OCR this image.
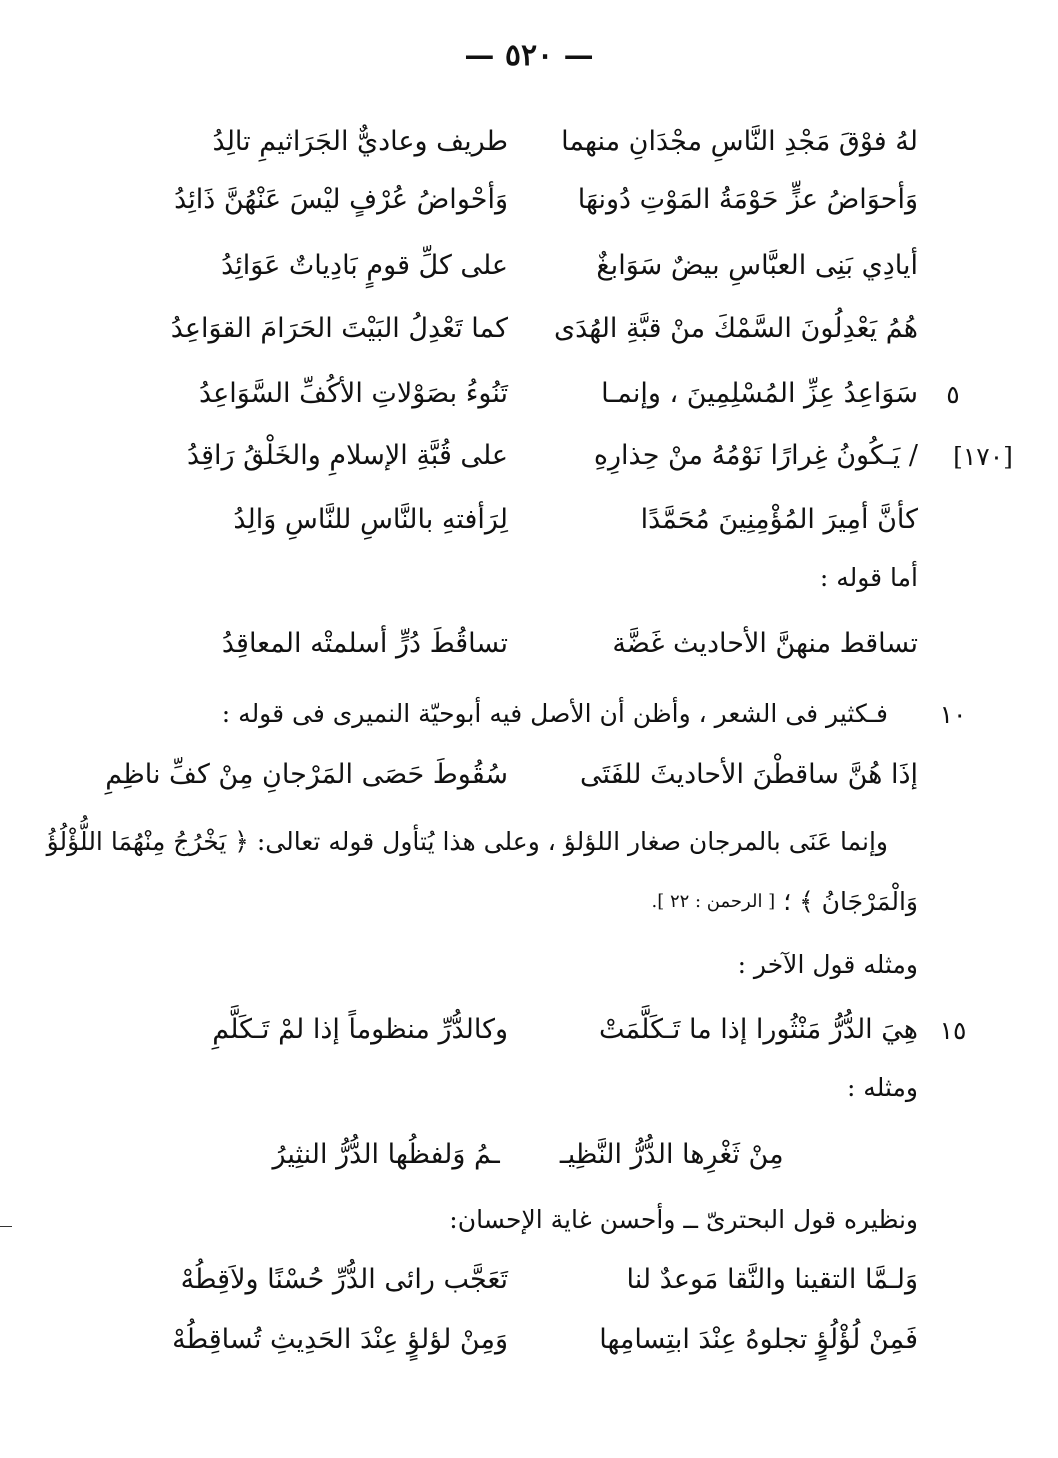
— ٥٢٠ —
لهُ فوْقَ مَجْدِ النَّاسِ مجْدَانِ منهما
طريف وعاديٌّ الجَرَاثيمِ تالِدُ
وَأحوَاضُ عزٍّ حَوْمَةُ المَوْتِ دُونهَا
وَأحْواضُ عُرْفٍ ليْسَ عَنْهُنَّ ذَائِدُ
أيادِي بَنِى العبَّاسِ بيضٌ سَوَابغٌ
على كلِّ قومٍ بَادِياتٌ عَوَائِدُ
هُمُ يَعْدِلُونَ السَّمْكَ منْ قبَّةِ الهُدَى
كما تَعْدِلُ البَيْتَ الحَرَامَ القوَاعِدُ
٥
سَوَاعِدُ عِزِّ المُسْلِمِينَ ، وإنمـا
تَنُوءُ بصَوْلاتِ الأكُفِّ السَّوَاعِدُ
[١٧٠]
/ يَـكُونُ غِرارًا نَوْمُهُ منْ حِذارِهِ
على قُبَّةِ الإسلامِ والخَلْقُ رَاقِدُ
كأنَّ أمِيرَ المُؤْمِنِينَ مُحَمَّدًا
لِرَأفتهِ بالنَّاسِ للنَّاسِ وَالِدُ
أما قوله :
تساقط منهنَّ الأحاديث غَضَّة
تساقُطَ دُرٍّ أسلمتْه المعاقِدُ
١٠
فـكثير فى الشعر ، وأظن أن الأصل فيه أبوحيّة النميرى فى قوله :
إذَا هُنَّ ساقطْنَ الأحاديثَ للفَتَى
سُقُوطَ حَصَى المَرْجانِ مِنْ كفِّ ناظِمِ
وإنما عَنَى بالمرجان صغار اللؤلؤ ، وعلى هذا يُتأول قوله تعالى: ﴿ يَخْرُجُ مِنْهُمَا اللُّؤْلُؤُ
وَالْمَرْجَانُ ﴾ ؛
[ الرحمن : ٢٢ ].
ومثله قول الآخر :
١٥
هِيَ الدُّرُّ مَنْثُورا إذا ما تَـكَلَّمَتْ
وكالدُّرِّ منظوماً إذا لمْ تَـكَلَّمِ
ومثله :
مِنْ ثَغْرِها الدُّرُّ النَّظِيـ
ـمُ وَلفظُها الدُّرُّ النثِيرُ
ونظيره قول البحترىّ ــ وأحسن غاية الإحسان:
وَلـمَّا التقينا والنَّقا مَوعدٌ لنا
تَعَجَّب رائى الدُّرِّ حُسْنًا ولاَقِطُهْ
فَمِنْ لُؤْلُؤٍ تجلوهُ عِنْدَ ابتِسامِها
وَمِنْ لؤلؤٍ عِنْدَ الحَدِيثِ تُساقِطُهْ
